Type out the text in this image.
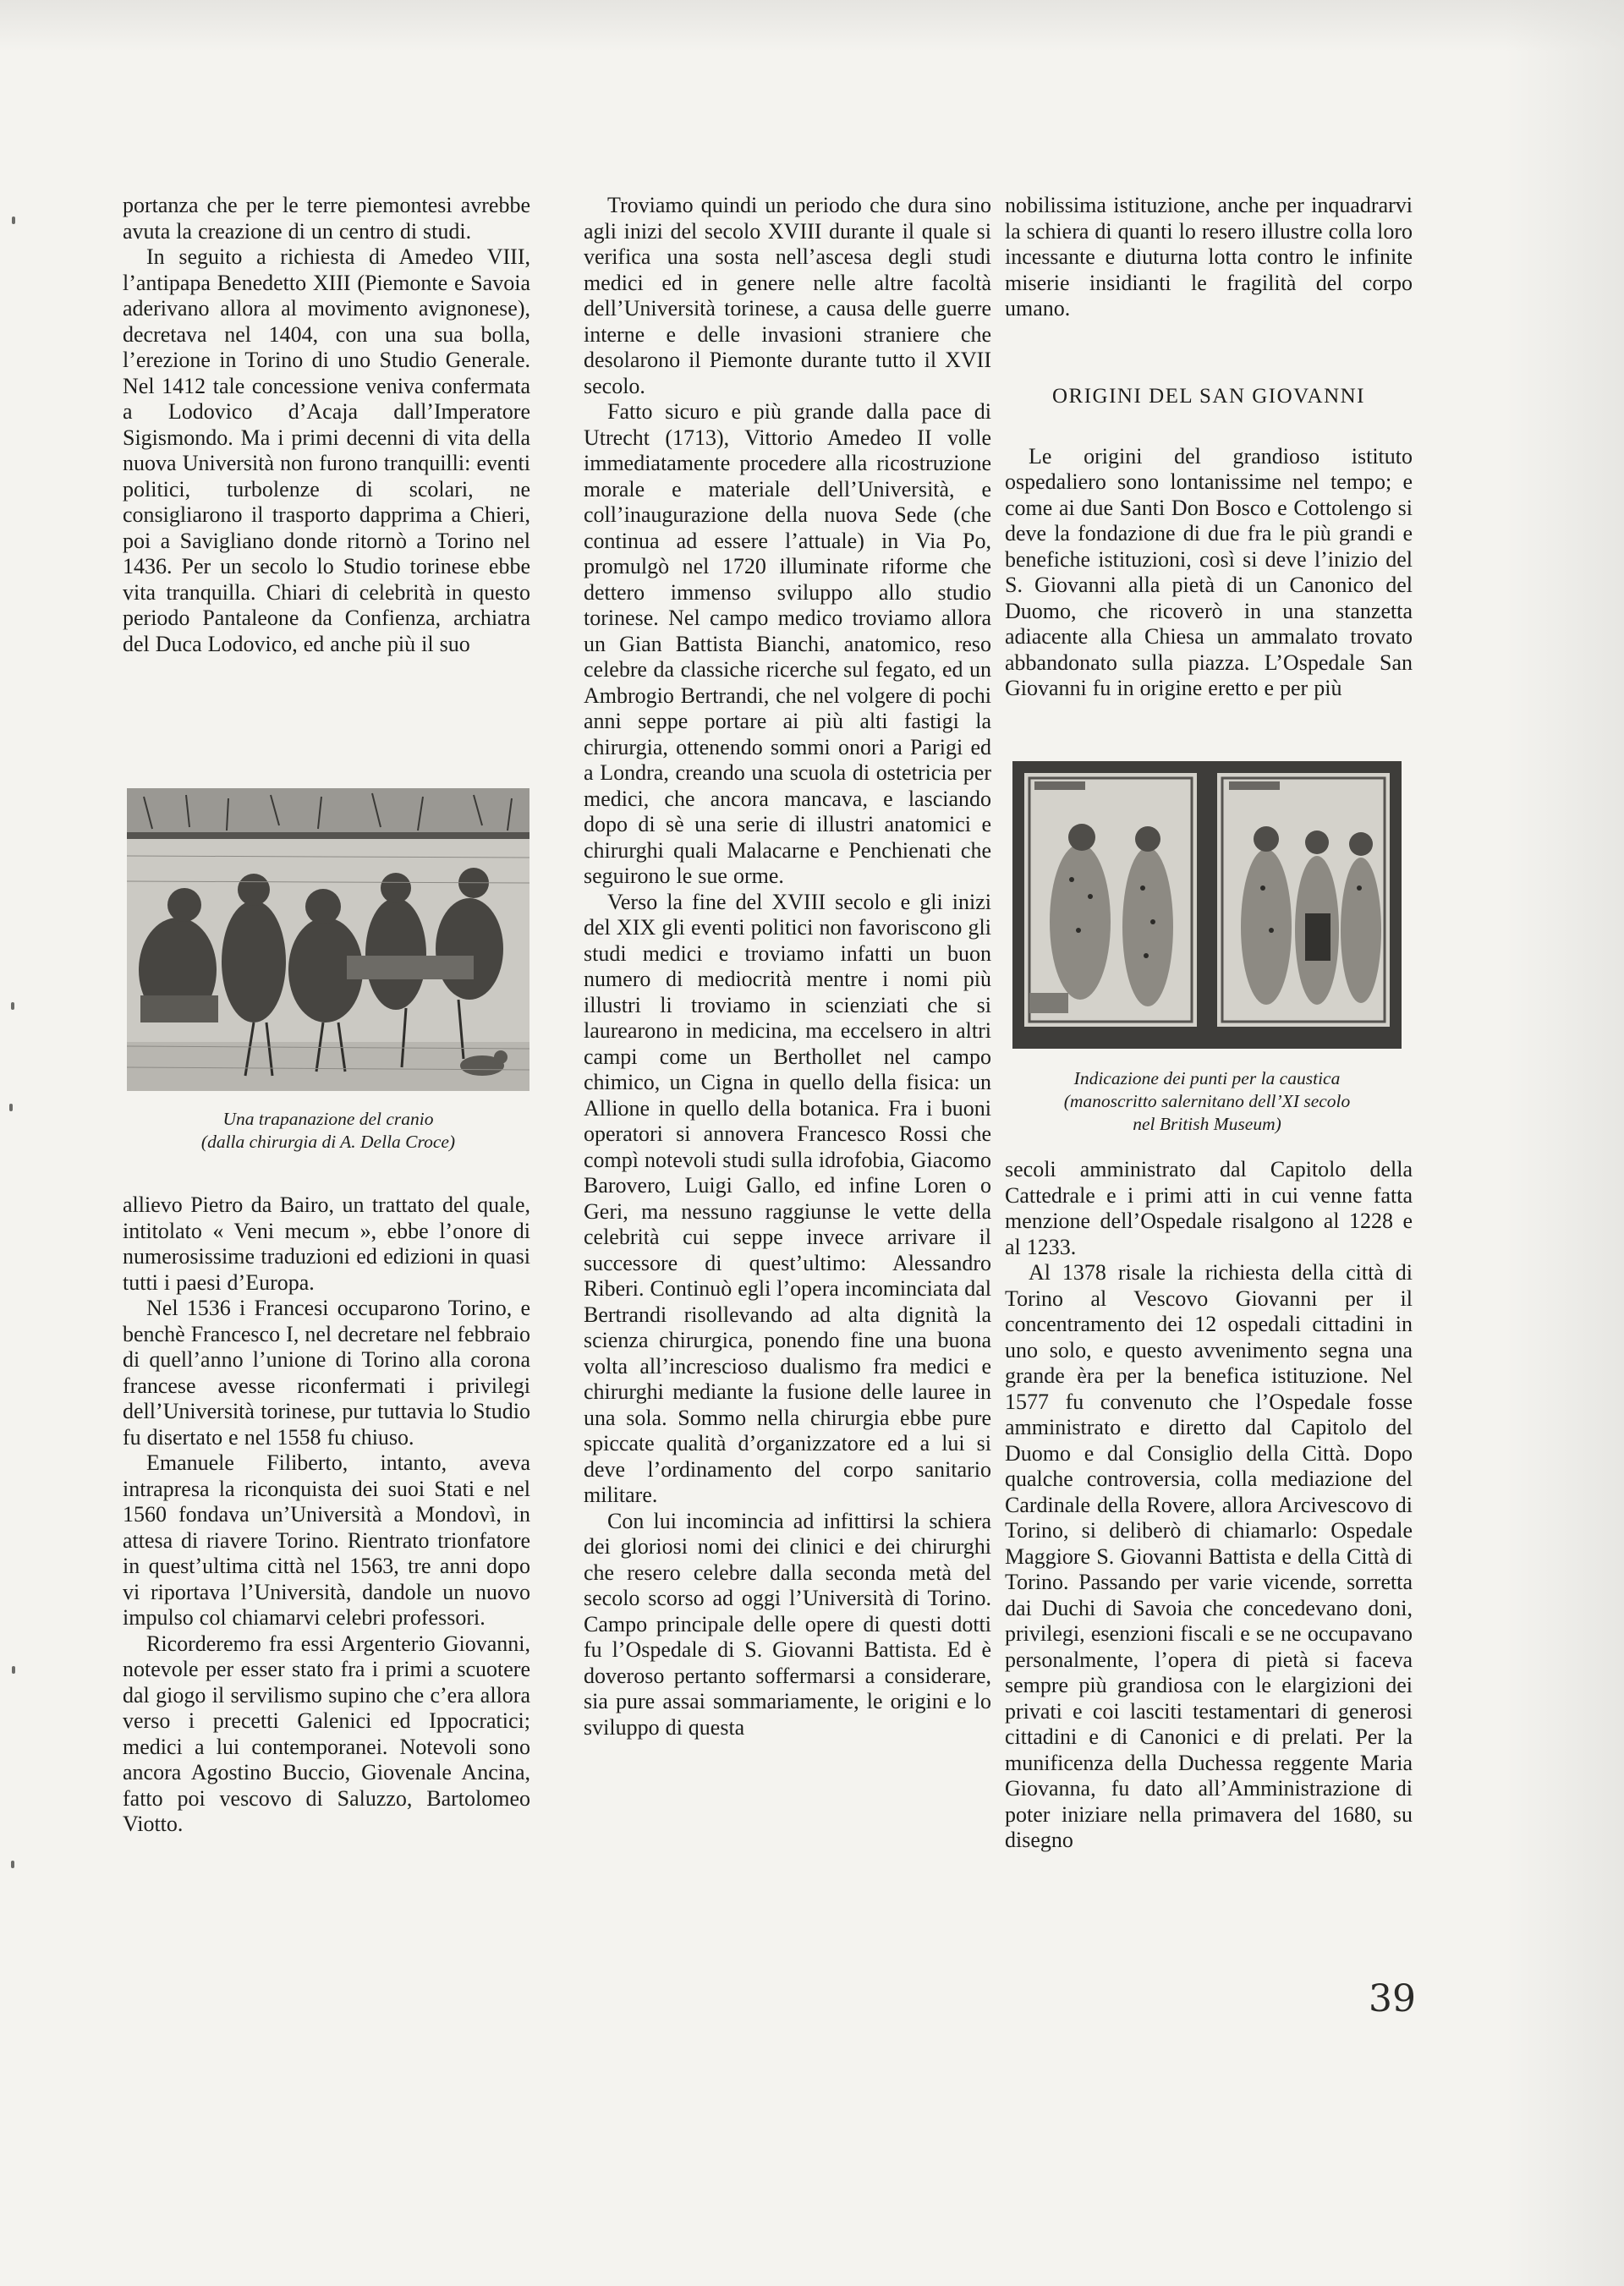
portanza che per le terre piemontesi avrebbe avuta la creazione di un centro di studi.

In seguito a richiesta di Amedeo VIII, l’antipapa Benedetto XIII (Piemonte e Savoia aderivano allora al movimento avignonese), decretava nel 1404, con una sua bolla, l’erezione in Torino di uno Studio Generale. Nel 1412 tale concessione veniva confermata a Lodovico d’Acaja dall’Imperatore Sigismondo. Ma i primi decenni di vita della nuova Università non furono tranquilli: eventi politici, turbolenze di scolari, ne consigliarono il trasporto dapprima a Chieri, poi a Savigliano donde ritornò a Torino nel 1436. Per un secolo lo Studio torinese ebbe vita tranquilla. Chiari di celebrità in questo periodo Pantaleone da Confienza, archiatra del Duca Lodovico, ed anche più il suo

Una trapanazione del cranio
(dalla chirurgia di A. Della Croce)

allievo Pietro da Bairo, un trattato del quale, intitolato « Veni mecum », ebbe l’onore di numerosissime traduzioni ed edizioni in quasi tutti i paesi d’Europa.

Nel 1536 i Francesi occuparono Torino, e benchè Francesco I, nel decretare nel febbraio di quell’anno l’unione di Torino alla corona francese avesse riconfermati i privilegi dell’Università torinese, pur tuttavia lo Studio fu disertato e nel 1558 fu chiuso.

Emanuele Filiberto, intanto, aveva intrapresa la riconquista dei suoi Stati e nel 1560 fondava un’Università a Mondovì, in attesa di riavere Torino. Rientrato trionfatore in quest’ultima città nel 1563, tre anni dopo vi riportava l’Università, dandole un nuovo impulso col chiamarvi celebri professori.

Ricorderemo fra essi Argenterio Giovanni, notevole per esser stato fra i primi a scuotere dal giogo il servilismo supino che c’era allora verso i precetti Galenici ed Ippocratici; medici a lui contemporanei. Notevoli sono ancora Agostino Buccio, Giovenale Ancina, fatto poi vescovo di Saluzzo, Bartolomeo Viotto.

Troviamo quindi un periodo che dura sino agli inizi del secolo XVIII durante il quale si verifica una sosta nell’ascesa degli studi medici ed in genere nelle altre facoltà dell’Università torinese, a causa delle guerre interne e delle invasioni straniere che desolarono il Piemonte durante tutto il XVII secolo.

Fatto sicuro e più grande dalla pace di Utrecht (1713), Vittorio Amedeo II volle immediatamente procedere alla ricostruzione morale e materiale dell’Università, e coll’inaugurazione della nuova Sede (che continua ad essere l’attuale) in Via Po, promulgò nel 1720 illuminate riforme che dettero immenso sviluppo allo studio torinese. Nel campo medico troviamo allora un Gian Battista Bianchi, anatomico, reso celebre da classiche ricerche sul fegato, ed un Ambrogio Bertrandi, che nel volgere di pochi anni seppe portare ai più alti fastigi la chirurgia, ottenendo sommi onori a Parigi ed a Londra, creando una scuola di ostetricia per medici, che ancora mancava, e lasciando dopo di sè una serie di illustri anatomici e chirurghi quali Malacarne e Penchienati che seguirono le sue orme.

Verso la fine del XVIII secolo e gli inizi del XIX gli eventi politici non favoriscono gli studi medici e troviamo infatti un buon numero di mediocrità mentre i nomi più illustri li troviamo in scienziati che si laurearono in medicina, ma eccelsero in altri campi come un Berthollet nel campo chimico, un Cigna in quello della fisica: un Allione in quello della botanica. Fra i buoni operatori si annovera Francesco Rossi che compì notevoli studi sulla idrofobia, Giacomo Barovero, Luigi Gallo, ed infine Loren o Geri, ma nessuno raggiunse le vette della celebrità cui seppe invece arrivare il successore di quest’ultimo: Alessandro Riberi. Continuò egli l’opera incominciata dal Bertrandi risollevando ad alta dignità la scienza chirurgica, ponendo fine una buona volta all’increscioso dualismo fra medici e chirurghi mediante la fusione delle lauree in una sola. Sommo nella chirurgia ebbe pure spiccate qualità d’organizzatore ed a lui si deve l’ordinamento del corpo sanitario militare.

Con lui incomincia ad infittirsi la schiera dei gloriosi nomi dei clinici e dei chirurghi che resero celebre dalla seconda metà del secolo scorso ad oggi l’Università di Torino. Campo principale delle opere di questi dotti fu l’Ospedale di S. Giovanni Battista. Ed è doveroso pertanto soffermarsi a considerare, sia pure assai sommariamente, le origini e lo sviluppo di questa

nobilissima istituzione, anche per inquadrarvi la schiera di quanti lo resero illustre colla loro incessante e diuturna lotta contro le infinite miserie insidianti le fragilità del corpo umano.

ORIGINI DEL SAN GIOVANNI

Le origini del grandioso istituto ospedaliero sono lontanissime nel tempo; e come ai due Santi Don Bosco e Cottolengo si deve la fondazione di due fra le più grandi e benefiche istituzioni, così si deve l’inizio del S. Giovanni alla pietà di un Canonico del Duomo, che ricoverò in una stanzetta adiacente alla Chiesa un ammalato trovato abbandonato sulla piazza. L’Ospedale San Giovanni fu in origine eretto e per più

Indicazione dei punti per la caustica
(manoscritto salernitano dell’XI secolo
nel British Museum)

secoli amministrato dal Capitolo della Cattedrale e i primi atti in cui venne fatta menzione dell’Ospedale risalgono al 1228 e al 1233.

Al 1378 risale la richiesta della città di Torino al Vescovo Giovanni per il concentramento dei 12 ospedali cittadini in uno solo, e questo avvenimento segna una grande èra per la benefica istituzione. Nel 1577 fu convenuto che l’Ospedale fosse amministrato e diretto dal Capitolo del Duomo e dal Consiglio della Città. Dopo qualche controversia, colla mediazione del Cardinale della Rovere, allora Arcivescovo di Torino, si deliberò di chiamarlo: Ospedale Maggiore S. Giovanni Battista e della Città di Torino. Passando per varie vicende, sorretta dai Duchi di Savoia che concedevano doni, privilegi, esenzioni fiscali e se ne occupavano personalmente, l’opera di pietà si faceva sempre più grandiosa con le elargizioni dei privati e coi lasciti testamentari di generosi cittadini e di Canonici e di prelati. Per la munificenza della Duchessa reggente Maria Giovanna, fu dato all’Amministrazione di poter iniziare nella primavera del 1680, su disegno

39
